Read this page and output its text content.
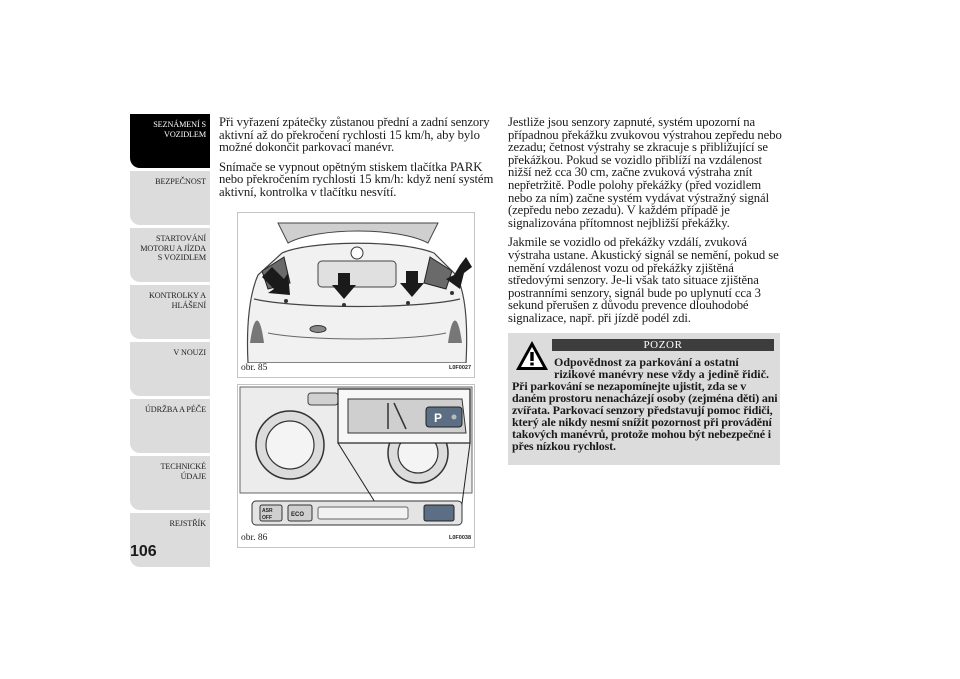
SEZNÁMENÍ S
VOZIDLEM
BEZPEČNOST
STARTOVÁNÍ
MOTORU A JÍZDA
S VOZIDLEM
KONTROLKY A
HLÁŠENÍ
V NOUZI
ÚDRŽBA A PÉČE
TECHNICKÉ
ÚDAJE
REJSTŘÍK
106

Při vyřazení zpátečky zůstanou přední a zadní senzory aktivní až do překročení rychlosti 15 km/h, aby bylo možné dokončit parkovací manévr.

Snímače se vypnout opětným stiskem tlačítka PARK nebo překročením rychlosti 15 km/h: když není systém aktivní, kontrolka v tlačítku nesvítí.

obr. 85	L0F0027
P
ASR
OFF	ECO
obr. 86	L0F0038

Jestliže jsou senzory zapnuté, systém upozorní na případnou překážku zvukovou výstrahou zepředu nebo zezadu; četnost výstrahy se zkracuje s přibližující se překážkou. Pokud se vozidlo přiblíží na vzdálenost nižší než cca 30 cm, začne zvuková výstraha znít nepřetržitě. Podle polohy překážky (před vozidlem nebo za ním) začne systém vydávat výstražný signál (zepředu nebo zezadu). V každém případě je signalizována přítomnost nejbližší překážky.

Jakmile se vozidlo od překážky vzdálí, zvuková výstraha ustane. Akustický signál se nemění, pokud se nemění vzdálenost vozu od překážky zjištěná středovými senzory. Je-li však tato situace zjištěna postranními senzory, signál bude po uplynutí cca 3 sekund přerušen z důvodu prevence dlouhodobé signalizace, např. při jízdě podél zdi.

POZOR
Odpovědnost za parkování a ostatní rizikové manévry nese vždy a jedině řidič.
Při parkování se nezapomínejte ujistit, zda se v daném prostoru nenacházejí osoby (zejména děti) ani zvířata. Parkovací senzory představují pomoc řidiči, který ale nikdy nesmí snížit pozornost při provádění takových manévrů, protože mohou být nebezpečné i přes nízkou rychlost.
